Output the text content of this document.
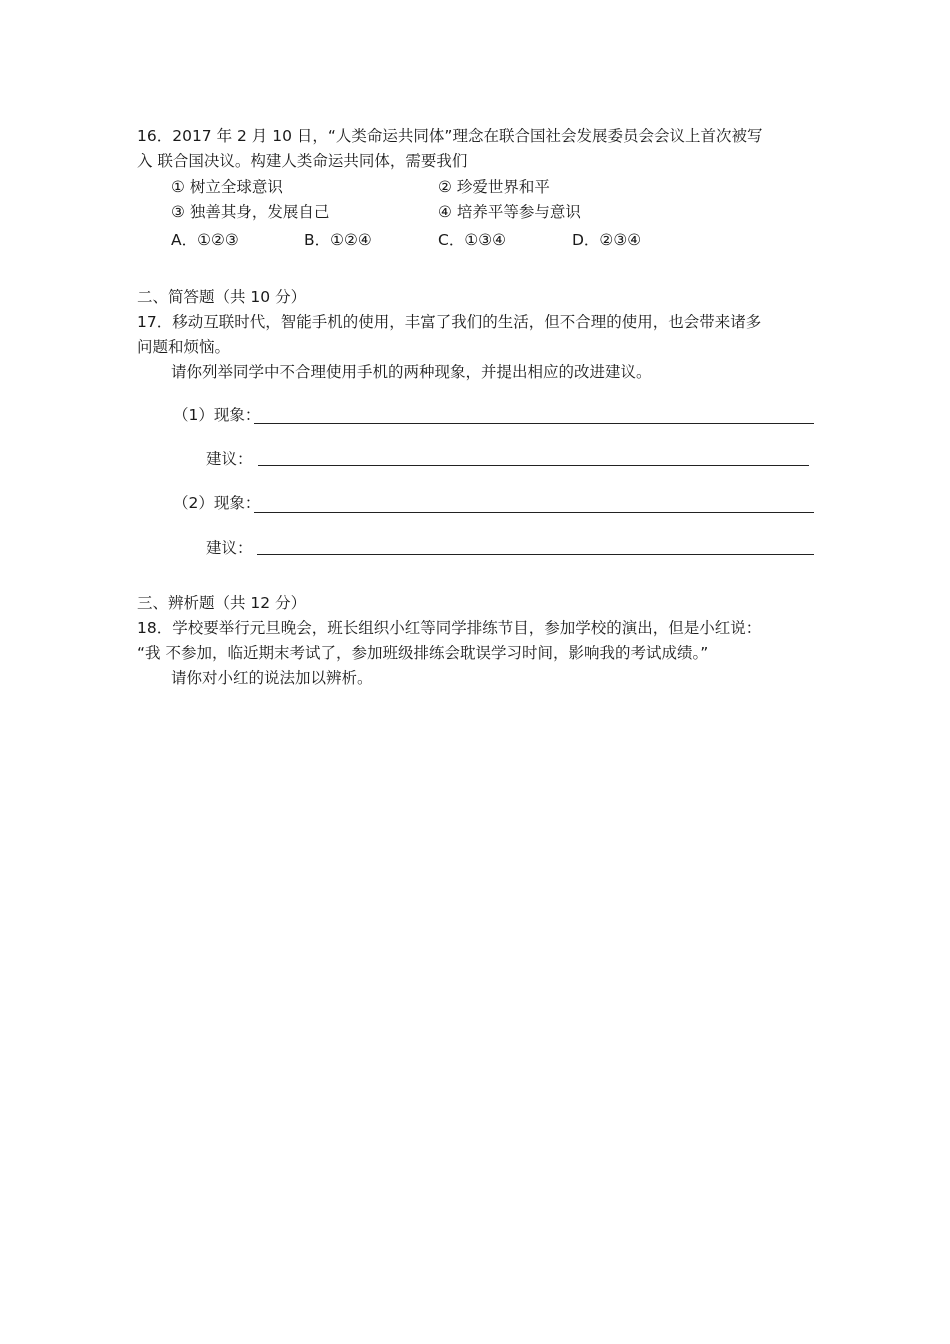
16．2017 年 2 月 10 日，“人类命运共同体”理念在联合国社会发展委员会会议上首次被写
入 联合国决议。构建人类命运共同体，需要我们
① 树立全球意识	② 珍爱世界和平
③ 独善其身，发展自己	④ 培养平等参与意识
A．①②③	B．①②④	C．①③④	D．②③④
二、简答题（共 10 分）
17．移动互联时代，智能手机的使用，丰富了我们的生活，但不合理的使用，也会带来诸多
问题和烦恼。
请你列举同学中不合理使用手机的两种现象，并提出相应的改进建议。
（1）现象：
建议：
（2）现象：
建议：
三、辨析题（共 12 分）
18．学校要举行元旦晚会，班长组织小红等同学排练节目，参加学校的演出，但是小红说：
“我 不参加，临近期末考试了，参加班级排练会耽误学习时间，影响我的考试成绩。”
请你对小红的说法加以辨析。
